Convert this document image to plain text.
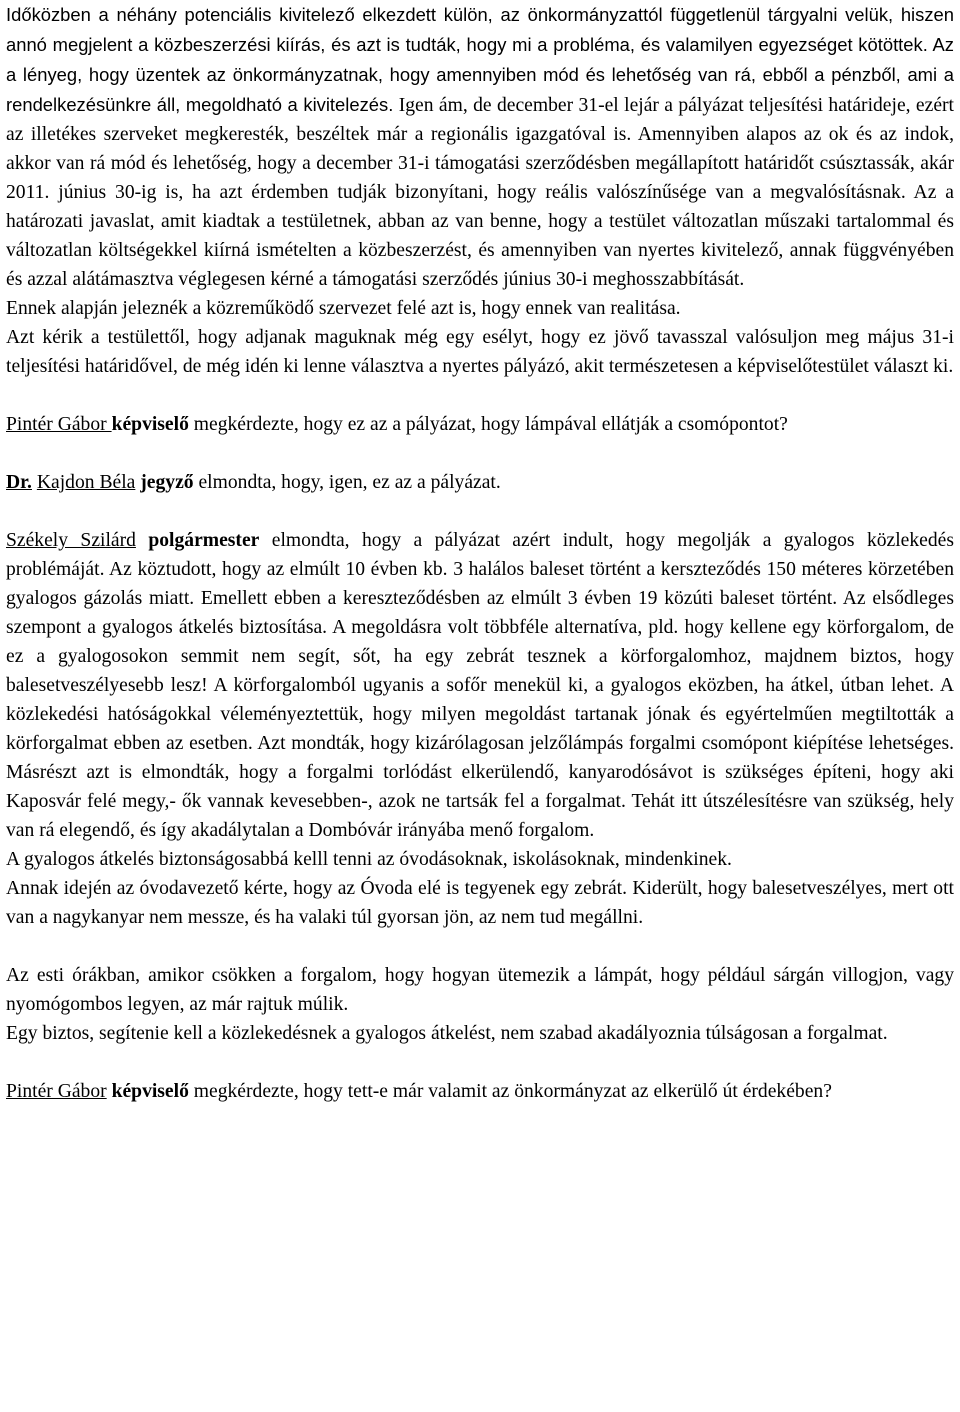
Időközben a néhány potenciális kivitelező elkezdett külön, az önkormányzattól függetlenül tárgyalni velük, hiszen annó megjelent a közbeszerzési kiírás, és azt is tudták, hogy mi a probléma, és valamilyen egyezséget kötöttek. Az a lényeg, hogy üzentek az önkormányzatnak, hogy amennyiben mód és lehetőség van rá, ebből a pénzből, ami a rendelkezésünkre áll, megoldható a kivitelezés. Igen ám, de december 31-el lejár a pályázat teljesítési határideje, ezért az illetékes szerveket megkeresték, beszéltek már a regionális igazgatóval is. Amennyiben alapos az ok és az indok, akkor van rá mód és lehetőség, hogy a december 31-i támogatási szerződésben megállapított határidőt csúsztassák, akár 2011. június 30-ig is, ha azt érdemben tudják bizonyítani, hogy reális valószínűsége van a megvalósításnak. Az a határozati javaslat, amit kiadtak a testületnek, abban az van benne, hogy a testület változatlan műszaki tartalommal és változatlan költségekkel kiírná ismételten a közbeszerzést, és amennyiben van nyertes kivitelező, annak függvényében és azzal alátámasztva véglegesen kérné a támogatási szerződés június 30-i meghosszabbítását.

Ennek alapján jeleznék a közreműködő szervezet felé azt is, hogy ennek van realitása.

Azt kérik a testülettől, hogy adjanak maguknak még egy esélyt, hogy ez jövő tavasszal valósuljon meg május 31-i teljesítési határidővel, de még idén ki lenne választva a nyertes pályázó, akit természetesen a képviselőtestület választ ki.

Pintér Gábor képviselő megkérdezte, hogy ez az a pályázat, hogy lámpával ellátják a csomópontot?

Dr. Kajdon Béla jegyző elmondta, hogy, igen, ez az a pályázat.

Székely Szilárd polgármester elmondta, hogy a pályázat azért indult, hogy megolják a gyalogos közlekedés problémáját. Az köztudott, hogy az elmúlt 10 évben kb. 3 halálos baleset történt a kerszteződés 150 méteres körzetében gyalogos gázolás miatt. Emellett ebben a kereszteződésben az elmúlt 3 évben 19 közúti baleset történt. Az elsődleges szempont a gyalogos átkelés biztosítása. A megoldásra volt többféle alternatíva, pld. hogy kellene egy körforgalom, de ez a gyalogosokon semmit nem segít, sőt, ha egy zebrát tesznek a körforgalomhoz, majdnem biztos, hogy balesetveszélyesebb lesz! A körforgalomból ugyanis a sofőr menekül ki, a gyalogos eközben, ha átkel, útban lehet. A közlekedési hatóságokkal véleményeztettük, hogy milyen megoldást tartanak jónak és egyértelműen megtiltották a körforgalmat ebben az esetben. Azt mondták, hogy kizárólagosan jelzőlámpás forgalmi csomópont kiépítése lehetséges. Másrészt azt is elmondták, hogy a forgalmi torlódást elkerülendő, kanyarodósávot is szükséges építeni, hogy aki Kaposvár felé megy,- ők vannak kevesebben-, azok ne tartsák fel a forgalmat. Tehát itt útszélesítésre van szükség, hely van rá elegendő, és így akadálytalan a Dombóvár irányába menő forgalom.

A gyalogos átkelés biztonságosabbá kelll tenni az óvodásoknak, iskolásoknak, mindenkinek.

Annak idején az óvodavezető kérte, hogy az Óvoda elé is tegyenek egy zebrát. Kiderült, hogy balesetveszélyes, mert ott van a nagykanyar nem messze, és ha valaki túl gyorsan jön, az nem tud megállni.

Az esti órákban, amikor csökken a forgalom, hogy hogyan ütemezik a lámpát, hogy például sárgán villogjon, vagy nyomógombos legyen, az már rajtuk múlik.

Egy biztos, segítenie kell a közlekedésnek a gyalogos átkelést, nem szabad akadályoznia túlságosan a forgalmat.

Pintér Gábor képviselő megkérdezte, hogy tett-e már valamit az önkormányzat az elkerülő út érdekében?
